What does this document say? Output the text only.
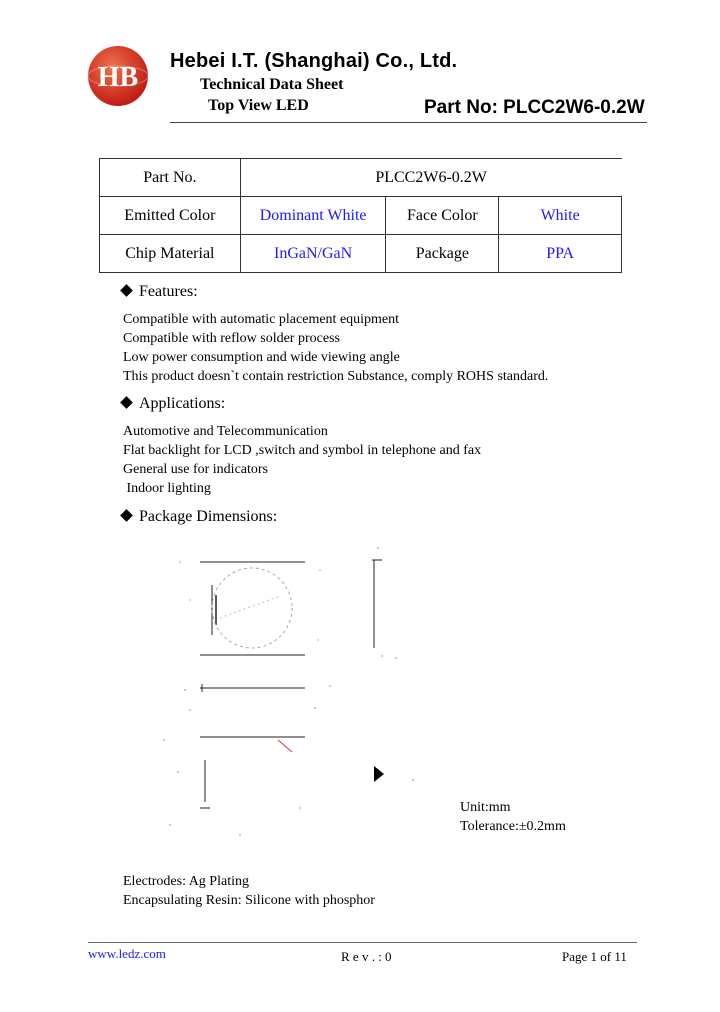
HB
Hebei I.T. (Shanghai) Co., Ltd.
Technical Data Sheet
Top View LED	Part No: PLCC2W6-0.2W
Part No.	PLCC2W6-0.2W		
Emitted Color	Dominant White	Face Color	White
Chip Material	InGaN/GaN	Package	PPA
Features:
Compatible with automatic placement equipment
Compatible with reflow solder process
Low power consumption and wide viewing angle
This product doesn`t contain restriction Substance, comply ROHS standard.
Applications:
Automotive and Telecommunication
Flat backlight for LCD ,switch and symbol in telephone and fax
General use for indicators
Indoor lighting
Package Dimensions:
‚
Unit:mm
Tolerance:±0.2mm
Electrodes: Ag Plating
Encapsulating Resin: Silicone with phosphor
www.ledz.com	R e v . : 0	Page 1 of 11
